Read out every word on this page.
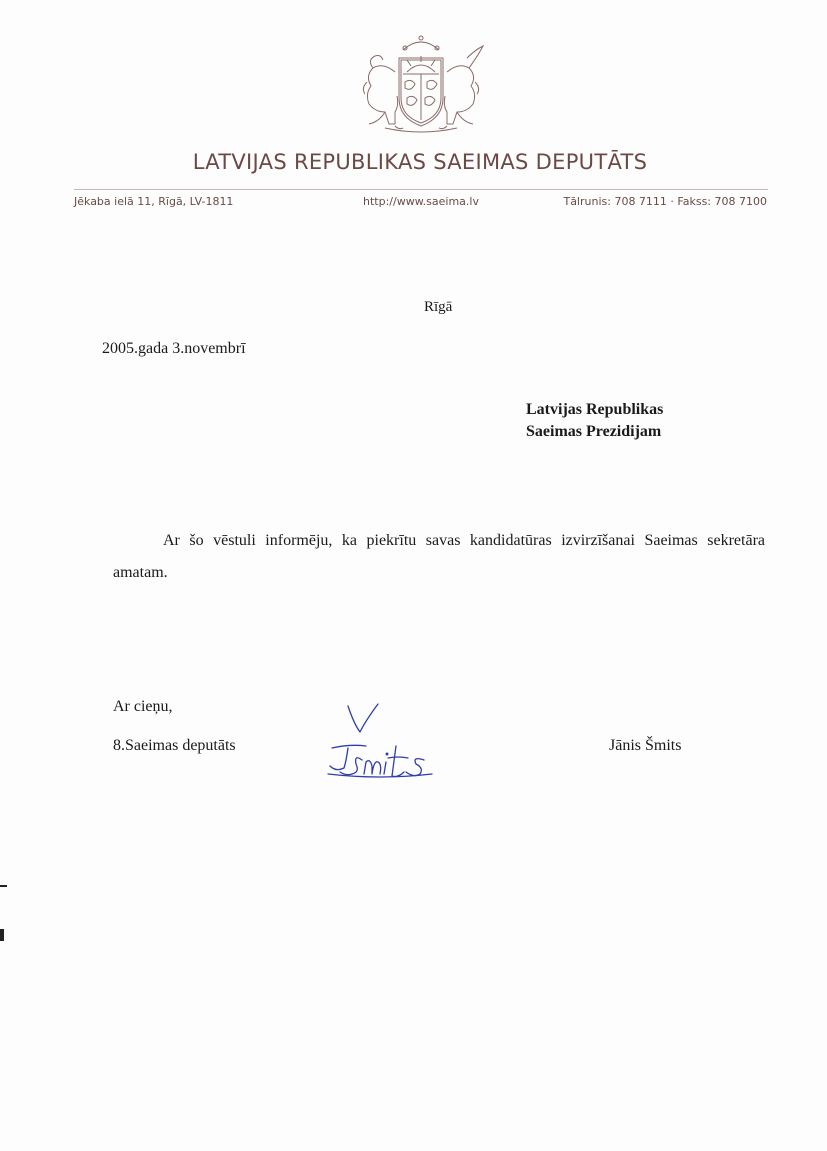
LATVIJAS REPUBLIKAS SAEIMAS DEPUTĀTS
Jēkaba ielā 11, Rīgā, LV-1811	http://www.saeima.lv	Tālrunis: 708 7111 · Fakss: 708 7100
Rīgā
2005.gada 3.novembrī
Latvijas Republikas
Saeimas Prezidijam
Ar šo vēstuli informēju, ka piekrītu savas kandidatūras izvirzīšanai Saeimas sekretāra amatam.
Ar cieņu,
8.Saeimas deputāts	Jānis Šmits
